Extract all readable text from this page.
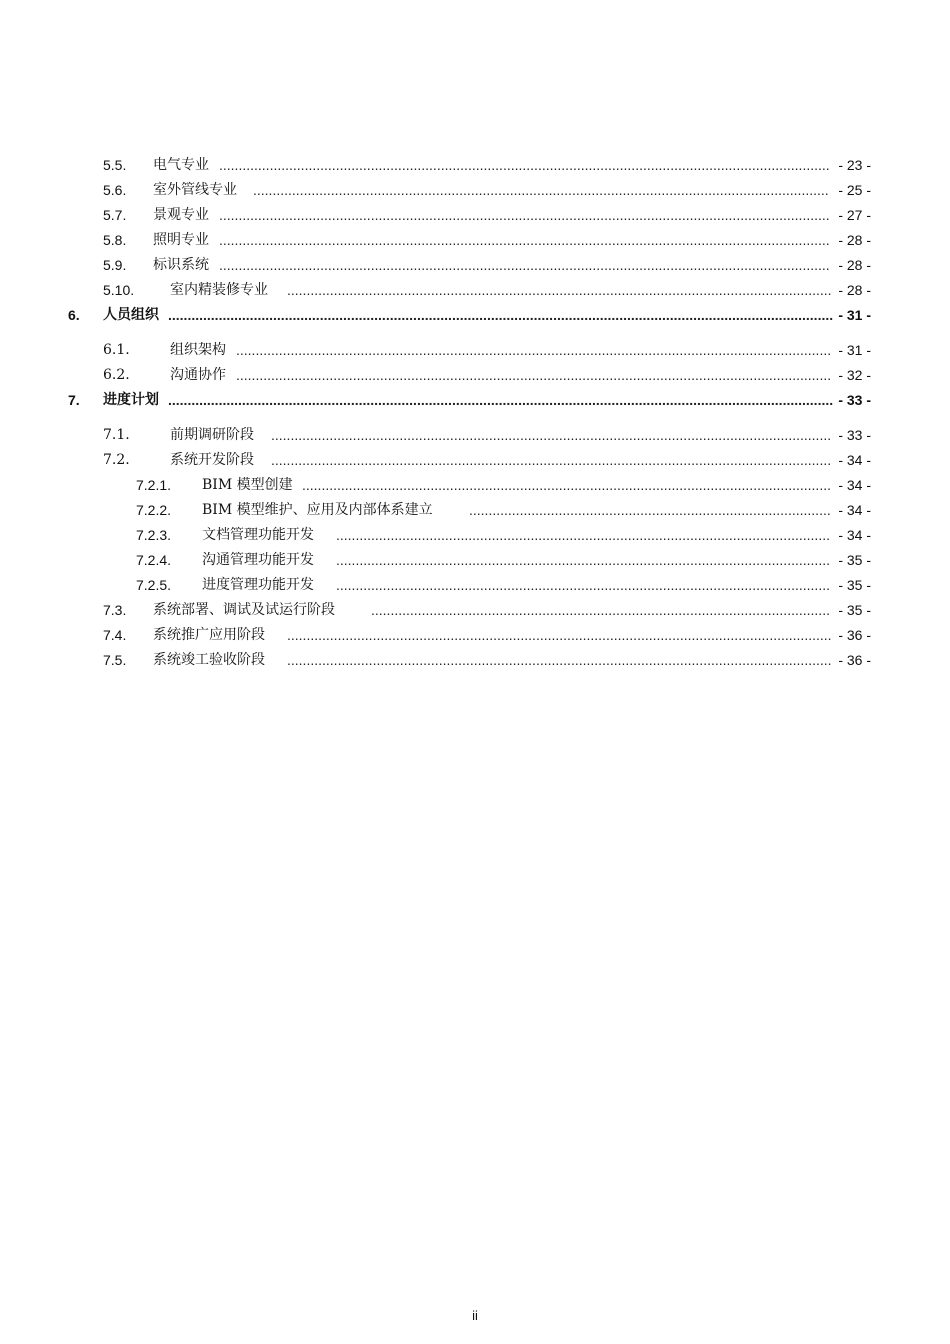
5.5. 电气专业 ............................................................................................................................................................. - 23 -
5.6. 室外管线专业 .................................................................................................................................................... - 25 -
5.7. 景观专业 ............................................................................................................................................................. - 27 -
5.8. 照明专业 ............................................................................................................................................................. - 28 -
5.9. 标识系统 ............................................................................................................................................................. - 28 -
5.10.	室内精装修专业 ............................................................................................................................................ - 28 -
6. 人员组织 ........................................................................................................................................................................... - 31 -
6.1.	组织架构 ......................................................................................................................................................... - 31 -
6.2.	沟通协作 ......................................................................................................................................................... - 32 -
7. 进度计划 ........................................................................................................................................................................... - 33 -
7.1.	前期调研阶段 ................................................................................................................................................ - 33 -
7.2.	系统开发阶段 ................................................................................................................................................ - 34 -
7.2.1. BIM 模型创建 ........................................................................................................................................ - 34 -
7.2.2. BIM 模型维护、应用及内部体系建立	............................................................................................. - 34 -
7.2.3. 文档管理功能开发 ............................................................................................................................... - 34 -
7.2.4. 沟通管理功能开发 ............................................................................................................................... - 35 -
7.2.5. 进度管理功能开发 ............................................................................................................................... - 35 -
7.3. 系统部署、调试及试运行阶段	...................................................................................................................... - 35 -
7.4. 系统推广应用阶段 ............................................................................................................................................ - 36 -
7.5. 系统竣工验收阶段 ............................................................................................................................................ - 36 -
ii
